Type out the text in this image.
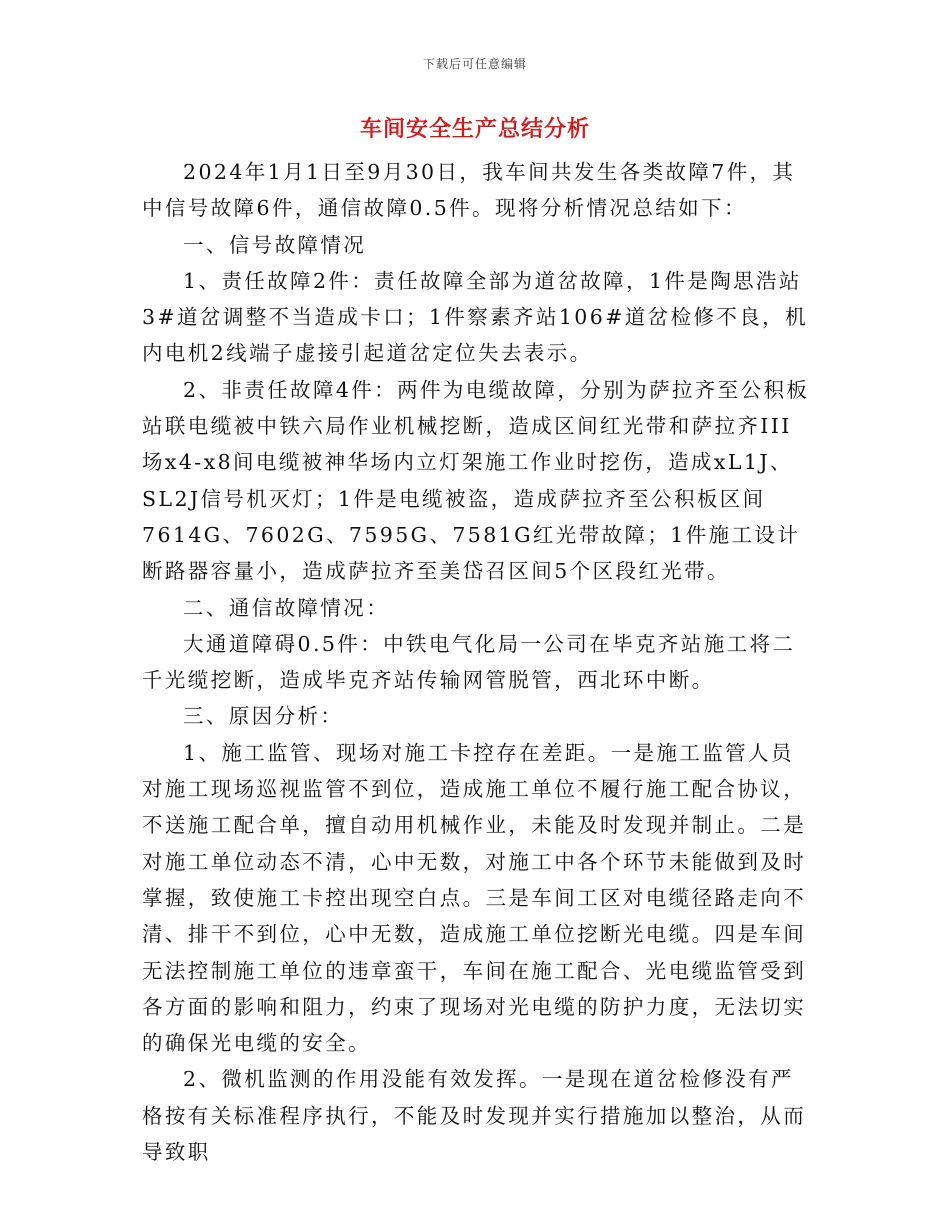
下载后可任意编辑
车间安全生产总结分析

2024年1月1日至9月30日，我车间共发生各类故障7件，其中信号故障6件，通信故障0.5件。现将分析情况总结如下：

一、信号故障情况

1、责任故障2件：责任故障全部为道岔故障，1件是陶思浩站3#道岔调整不当造成卡口；1件察素齐站106#道岔检修不良，机内电机2线端子虚接引起道岔定位失去表示。

2、非责任故障4件：两件为电缆故障，分别为萨拉齐至公积板站联电缆被中铁六局作业机械挖断，造成区间红光带和萨拉齐III场x4-x8间电缆被神华场内立灯架施工作业时挖伤，造成xL1J、SL2J信号机灭灯；1件是电缆被盗，造成萨拉齐至公积板区间7614G、7602G、7595G、7581G红光带故障；1件施工设计断路器容量小，造成萨拉齐至美岱召区间5个区段红光带。

二、通信故障情况：

大通道障碍0.5件：中铁电气化局一公司在毕克齐站施工将二千光缆挖断，造成毕克齐站传输网管脱管，西北环中断。

三、原因分析：

1、施工监管、现场对施工卡控存在差距。一是施工监管人员对施工现场巡视监管不到位，造成施工单位不履行施工配合协议，不送施工配合单，擅自动用机械作业，未能及时发现并制止。二是对施工单位动态不清，心中无数，对施工中各个环节未能做到及时掌握，致使施工卡控出现空白点。三是车间工区对电缆径路走向不清、排干不到位，心中无数，造成施工单位挖断光电缆。四是车间无法控制施工单位的违章蛮干，车间在施工配合、光电缆监管受到各方面的影响和阻力，约束了现场对光电缆的防护力度，无法切实的确保光电缆的安全。

2、微机监测的作用没能有效发挥。一是现在道岔检修没有严格按有关标准程序执行，不能及时发现并实行措施加以整治，从而导致职
